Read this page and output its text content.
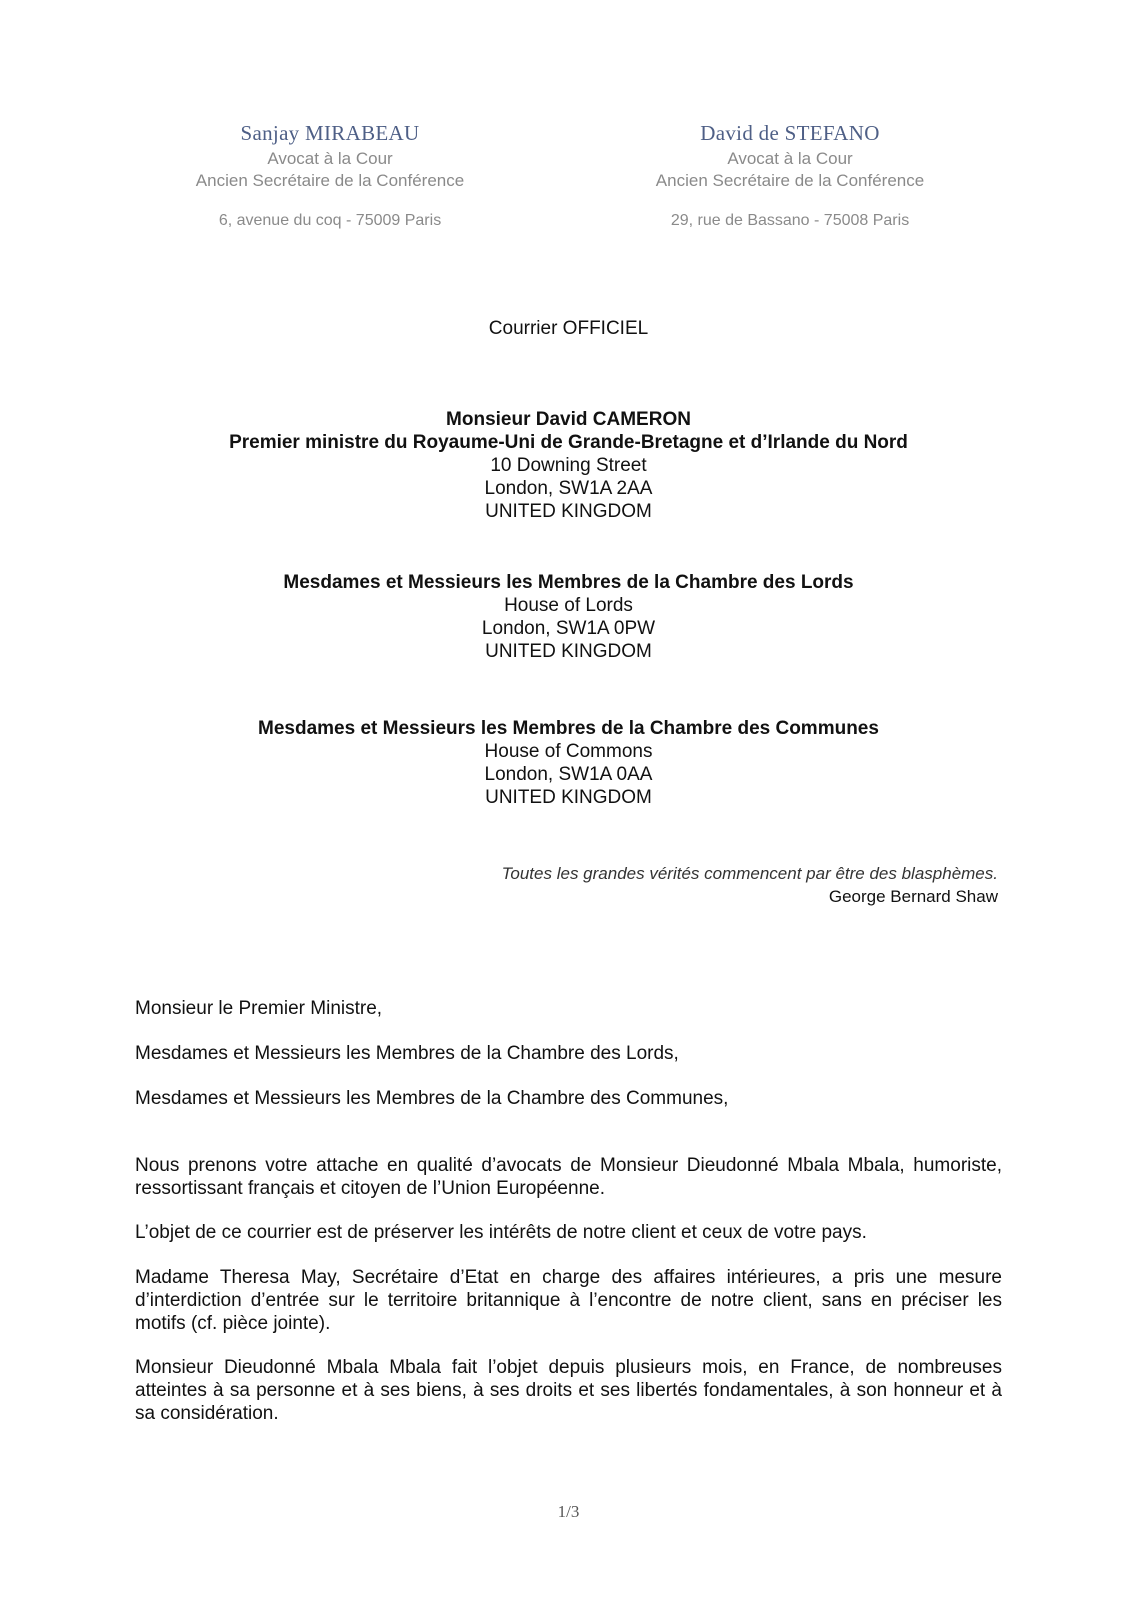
Sanjay MIRABEAU
Avocat à la Cour
Ancien Secrétaire de la Conférence
6, avenue du coq - 75009 Paris
David de STEFANO
Avocat à la Cour
Ancien Secrétaire de la Conférence
29, rue de Bassano - 75008 Paris
Courrier OFFICIEL
Monsieur David CAMERON
Premier ministre du Royaume-Uni de Grande-Bretagne et d’Irlande du Nord
10 Downing Street
London, SW1A 2AA
UNITED KINGDOM
Mesdames et Messieurs les Membres de la Chambre des Lords
House of Lords
London, SW1A 0PW
UNITED KINGDOM
Mesdames et Messieurs les Membres de la Chambre des Communes
House of Commons
London, SW1A 0AA
UNITED KINGDOM
Toutes les grandes vérités commencent par être des blasphèmes.
George Bernard Shaw
Monsieur le Premier Ministre,
Mesdames et Messieurs les Membres de la Chambre des Lords,
Mesdames et Messieurs les Membres de la Chambre des Communes,

Nous prenons votre attache en qualité d’avocats de Monsieur Dieudonné Mbala Mbala, humoriste, ressortissant français et citoyen de l’Union Européenne.

L’objet de ce courrier est de préserver les intérêts de notre client et ceux de votre pays.

Madame Theresa May, Secrétaire d’Etat en charge des affaires intérieures, a pris une mesure d’interdiction d’entrée sur le territoire britannique à l’encontre de notre client, sans en préciser les motifs (cf. pièce jointe).

Monsieur Dieudonné Mbala Mbala fait l’objet depuis plusieurs mois, en France, de nombreuses atteintes à sa personne et à ses biens, à ses droits et ses libertés fondamentales, à son honneur et à sa considération.

1/3
